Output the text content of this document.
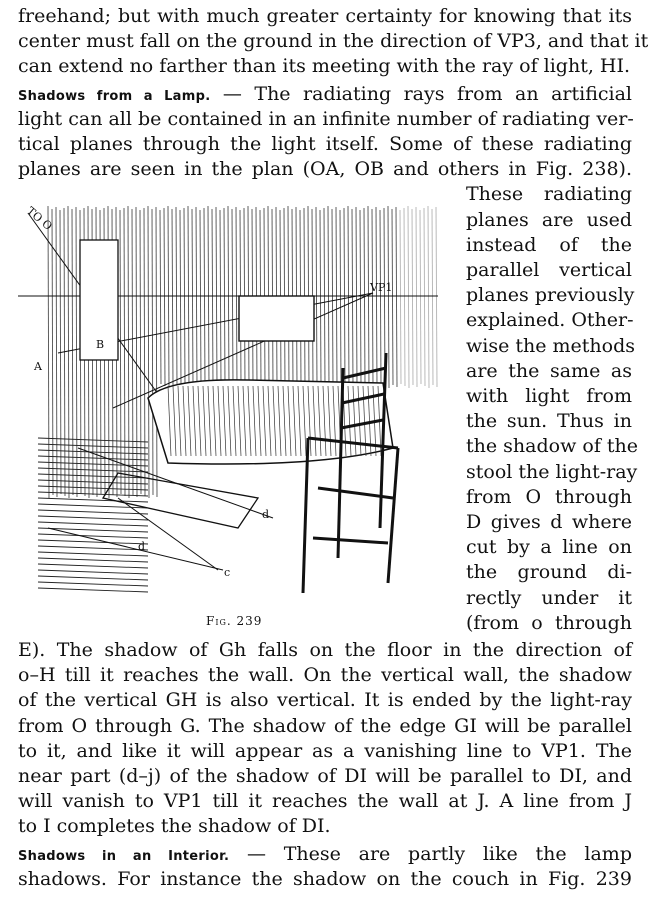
freehand; but with much greater certainty for knowing that its
center must fall on the ground in the direction of VP3, and that it
can extend no farther than its meeting with the ray of light, HI.
Shadows from a Lamp. — The radiating rays from an artificial
light can all be contained in an infinite number of radiating ver-
tical planes through the light itself. Some of these radiating
planes are seen in the plan (OA, OB and others in Fig. 238).
These radiating
planes are used
instead of the
parallel vertical
planes previously
explained. Other-
wise the methods
are the same as
with light from
the sun. Thus in
the shadow of the
stool the light-ray
from O through
D gives d where
cut by a line on
the ground di-
rectly under it
(from o through
E). The shadow of Gh falls on the floor in the direction of
o–H till it reaches the wall. On the vertical wall, the shadow
of the vertical GH is also vertical. It is ended by the light-ray
from O through G. The shadow of the edge GI will be parallel
to it, and like it will appear as a vanishing line to VP1. The
near part (d–j) of the shadow of DI will be parallel to DI, and
will vanish to VP1 till it reaches the wall at J. A line from J
to I completes the shadow of DI.
Shadows in an Interior. — These are partly like the lamp
shadows. For instance the shadow on the couch in Fig. 239
TO O
VP1
A
B
d
d
c
Fig. 239
